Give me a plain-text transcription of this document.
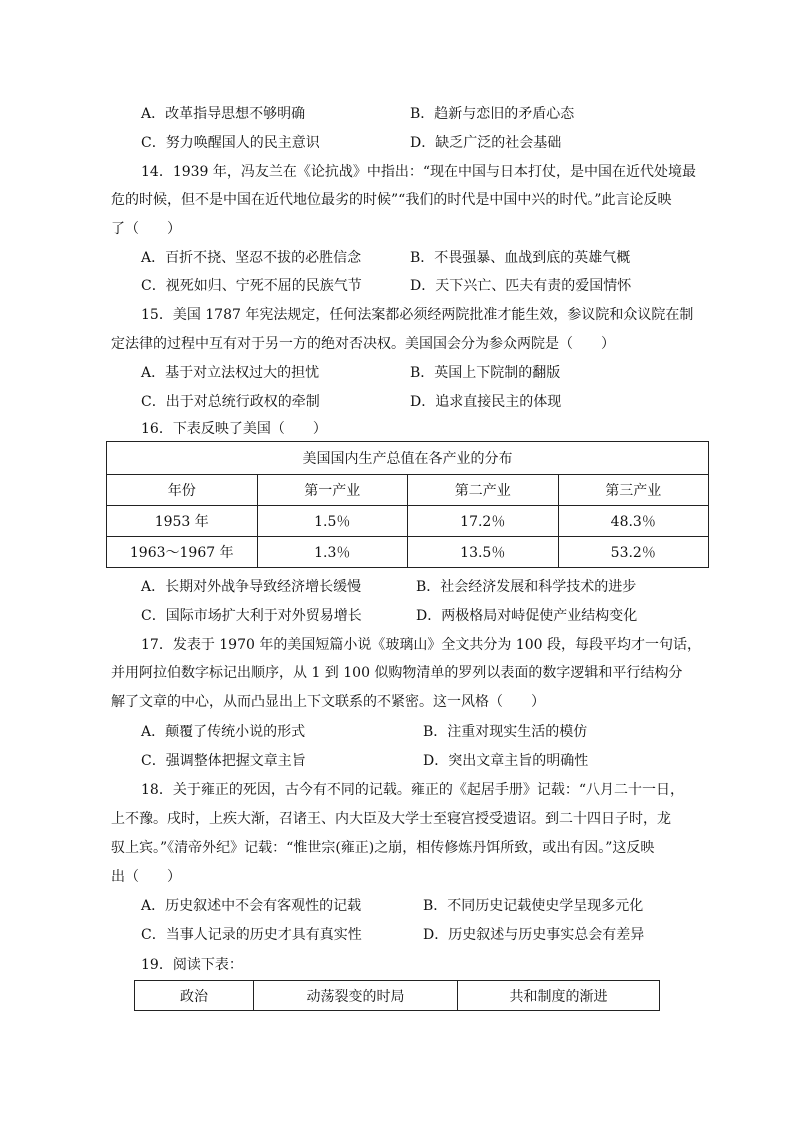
A．改革指导思想不够明确	B．趋新与恋旧的矛盾心态
C．努力唤醒国人的民主意识	D．缺乏广泛的社会基础
14．1939 年，冯友兰在《论抗战》中指出：“现在中国与日本打仗，是中国在近代处境最
危的时候，但不是中国在近代地位最劣的时候”“我们的时代是中国中兴的时代。”此言论反映
了（　　）
A．百折不挠、坚忍不拔的必胜信念	B．不畏强暴、血战到底的英雄气概
C．视死如归、宁死不屈的民族气节	D．天下兴亡、匹夫有责的爱国情怀
15．美国 1787 年宪法规定，任何法案都必须经两院批准才能生效，参议院和众议院在制
定法律的过程中互有对于另一方的绝对否决权。美国国会分为参众两院是（　　）
A．基于对立法权过大的担忧	B．英国上下院制的翻版
C．出于对总统行政权的牵制	D．追求直接民主的体现
16．下表反映了美国（　　）
美国国内生产总值在各产业的分布			
年份	第一产业	第二产业	第三产业
1953 年	1.5％	17.2％	48.3％
1963～1967 年	1.3％	13.5％	53.2％
A．长期对外战争导致经济增长缓慢	B．社会经济发展和科学技术的进步
C．国际市场扩大利于对外贸易增长	D．两极格局对峙促使产业结构变化
17．发表于 1970 年的美国短篇小说《玻璃山》全文共分为 100 段，每段平均才一句话，
并用阿拉伯数字标记出顺序，从 1 到 100 似购物清单的罗列以表面的数字逻辑和平行结构分
解了文章的中心，从而凸显出上下文联系的不紧密。这一风格（　　）
A．颠覆了传统小说的形式	B．注重对现实生活的模仿
C．强调整体把握文章主旨	D．突出文章主旨的明确性
18．关于雍正的死因，古今有不同的记载。雍正的《起居手册》记载：“八月二十一日，
上不豫。戌时，上疾大渐，召诸王、内大臣及大学士至寝宫授受遗诏。到二十四日子时，龙
驭上宾。”《清帝外纪》记载：“惟世宗(雍正)之崩，相传修炼丹饵所致，或出有因。”这反映
出（　　）
A．历史叙述中不会有客观性的记载	B．不同历史记载使史学呈现多元化
C．当事人记录的历史才具有真实性	D．历史叙述与历史事实总会有差异
19．阅读下表：
政治	动荡裂变的时局	共和制度的渐进
